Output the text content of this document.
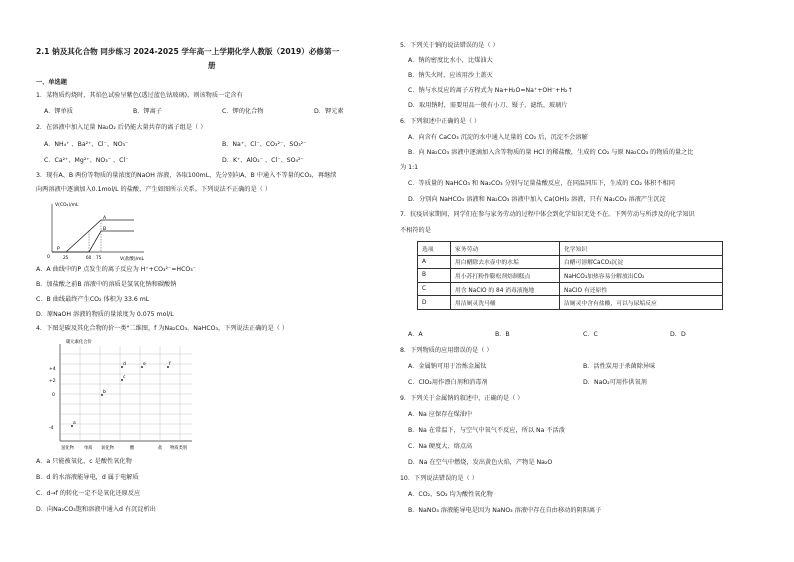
2.1 钠及其化合物 同步练习 2024-2025 学年高一上学期化学人教版（2019）必修第一
册
一、单选题
1．某物质灼烧时，其焰色试验呈紫色(透过蓝色钴玻璃)，则该物质一定含有
A．钾单质	B．钾离子	C．钾的化合物	D．钾元素
2．在溶液中加入足量 Na₂O₂ 后仍能大量共存的离子组是（ ）
A．NH₄⁺ 、Ba²⁺、Cl⁻、NO₃⁻	B．Na⁺、Cl⁻、CO₃²⁻、SO₃²⁻
C．Ca²⁺、Mg²⁺、NO₃⁻ 、Cl⁻	D．K⁺、AlO₂⁻ 、Cl⁻、SO₄²⁻
3．现有A、B 两份等物质的量浓度的NaOH 溶液，各取100mL，先分别向A、B 中通入不等量的CO₂，再继续
向两溶液中逐滴加入0.1mol/L 的盐酸，产生如图所示关系。下列说法不正确的是（ ）
V(CO₂)/mL
V(盐酸)/mL
0	25	60 75
A
B
P
A．A 曲线中的P 点发生的离子反应为 H⁺+CO₃²⁻=HCO₃⁻
B．加盐酸之前B 溶液中的溶质是氢氧化钠和碳酸钠
C．B 曲线最终产生CO₂ 体积为 33.6 mL
D．原NaOH 溶液的物质的量浓度为 0.075 mol/L
4．下图是碳及其化合物的价一类"二维图，f 为Na₂CO₃、NaHCO₃，下列说法正确的是（ ）
碳元素化合价
+4
+2
0
-4
a
b
c
d	e	f
氢化物 单质 氧化物	酸	盐 物质类别
A．a 只能被氧化，c 是酸性氧化物
B．d 的水溶液能导电，d 属于电解质
C．d→f 的转化一定不是氧化还原反应
D．向Na₂CO₃饱和溶液中通入d 有沉淀析出
5．下列关于钠的说法错误的是（ ）
A．钠的密度比水小，比煤油大
B．钠失火时，应该用沙土盖灭
C．钠与水反应的离子方程式为 Na+H₂O=Na⁺+OH⁻+H₂↑
D．取用钠时，需要用品一般有小刀、镊子、滤纸、玻璃片
6．下列叙述中正确的是（ ）
A．向含有 CaCO₃ 沉淀的水中通入足量的 CO₂ 后，沉淀不会溶解
B．向 Na₂CO₃ 溶液中逐滴加入含等物质的量 HCl 的稀盐酸，生成的 CO₂ 与原 Na₂CO₃ 的物质的量之比
为 1:1
C．等质量的 NaHCO₃ 和 Na₂CO₃ 分别与足量盐酸反应，在同温同压下，生成的 CO₂ 体积不相同
D．分别向 NaHCO₃ 溶液和 Na₂CO₃ 溶液中加入 Ca(OH)₂ 溶液，只有 Na₂CO₃ 溶液产生沉淀
7．抗疫居家期间，同学们在参与家务劳动的过程中体会到化学知识无处不在。下列劳动与所涉及的化学知识
不相符的是
选项	家务劳动	化学知识
A	用白醋除去水壶中的水垢	白醋可溶解CaCO₃沉淀
B	用小苏打粉作膨松剂焙制糕点	NaHCO₃加热容易分解放出CO₂
C	用含 NaClO 的 84 消毒液拖地	NaClO 有还原性
D	用洁厕灵洗马桶	洁厕灵中含有盐酸，可以与尿垢反应
A．A	B．B	C．C	D．D
8．下列物质的应用错误的是（ ）
A．金属钠可用于冶炼金属钛	B．活性炭用于杀菌除异味
C．ClO₂用作漂白剂和消毒剂	D．NaO₂可用作供氧剂
9．下列关于金属钠的叙述中，正确的是（ ）
A．Na 应保存在煤油中
B．Na 在常温下，与空气中氧气不反应，所以 Na 不活泼
C．Na 硬度大、熔点高
D．Na 在空气中燃烧，发出黄色火焰，产物是 Na₂O
10．下列说法错误的是（ ）
A．CO₂、SO₂ 均为酸性氧化物
B．NaNO₃ 溶液能导电是因为 NaNO₃ 溶液中存在自由移动的阴阳离子
